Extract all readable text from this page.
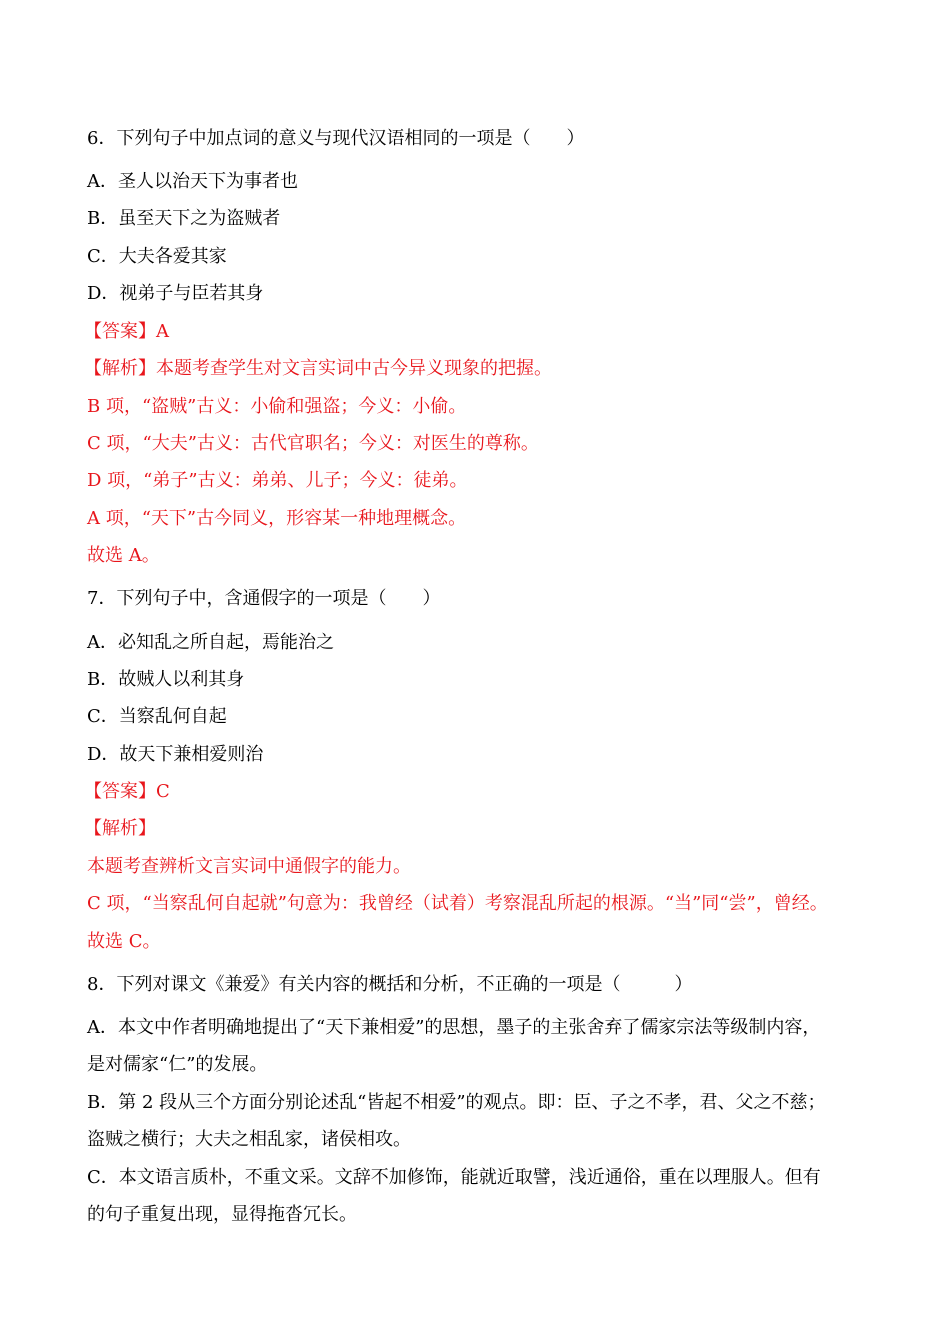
6．下列句子中加点词的意义与现代汉语相同的一项是（　　）
A．圣人以治天下为事者也
B．虽至天下之为盗贼者
C．大夫各爱其家
D．视弟子与臣若其身
【答案】A
【解析】本题考查学生对文言实词中古今异义现象的把握。
B 项，“盗贼”古义：小偷和强盗；今义：小偷。
C 项，“大夫”古义：古代官职名；今义：对医生的尊称。
D 项，“弟子”古义：弟弟、儿子；今义：徒弟。
A 项，“天下”古今同义，形容某一种地理概念。
故选 A。
7．下列句子中，含通假字的一项是（　　）
A．必知乱之所自起，焉能治之
B．故贼人以利其身
C．当察乱何自起
D．故天下兼相爱则治
【答案】C
【解析】
本题考查辨析文言实词中通假字的能力。
C 项，“当察乱何自起就”句意为：我曾经（试着）考察混乱所起的根源。“当”同“尝”，曾经。
故选 C。
8．下列对课文《兼爱》有关内容的概括和分析，不正确的一项是（　　　）
A．本文中作者明确地提出了“天下兼相爱”的思想，墨子的主张舍弃了儒家宗法等级制内容，
是对儒家“仁”的发展。
B．第 2 段从三个方面分别论述乱“皆起不相爱”的观点。即：臣、子之不孝，君、父之不慈；
盗贼之横行；大夫之相乱家，诸侯相攻。
C．本文语言质朴，不重文采。文辞不加修饰，能就近取譬，浅近通俗，重在以理服人。但有
的句子重复出现，显得拖沓冗长。
